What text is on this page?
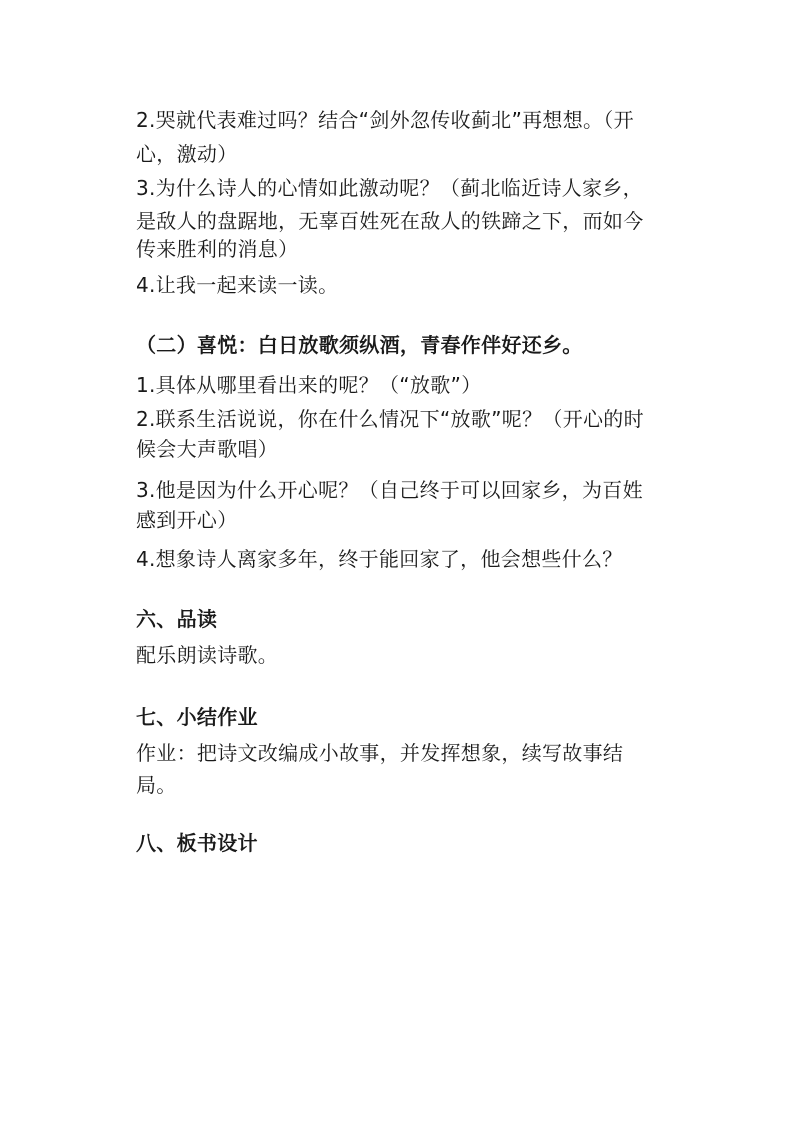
2.哭就代表难过吗？结合“剑外忽传收蓟北”再想想。（开
心，激动）
3.为什么诗人的心情如此激动呢？（蓟北临近诗人家乡，
是敌人的盘踞地，无辜百姓死在敌人的铁蹄之下，而如今
传来胜利的消息）
4.让我一起来读一读。
（二）喜悦：白日放歌须纵酒，青春作伴好还乡。
1.具体从哪里看出来的呢？（“放歌”）
2.联系生活说说，你在什么情况下“放歌”呢？（开心的时
候会大声歌唱）
3.他是因为什么开心呢？（自己终于可以回家乡，为百姓
感到开心）
4.想象诗人离家多年，终于能回家了，他会想些什么？
六、品读
配乐朗读诗歌。
七、小结作业
作业：把诗文改编成小故事，并发挥想象，续写故事结
局。
八、板书设计
